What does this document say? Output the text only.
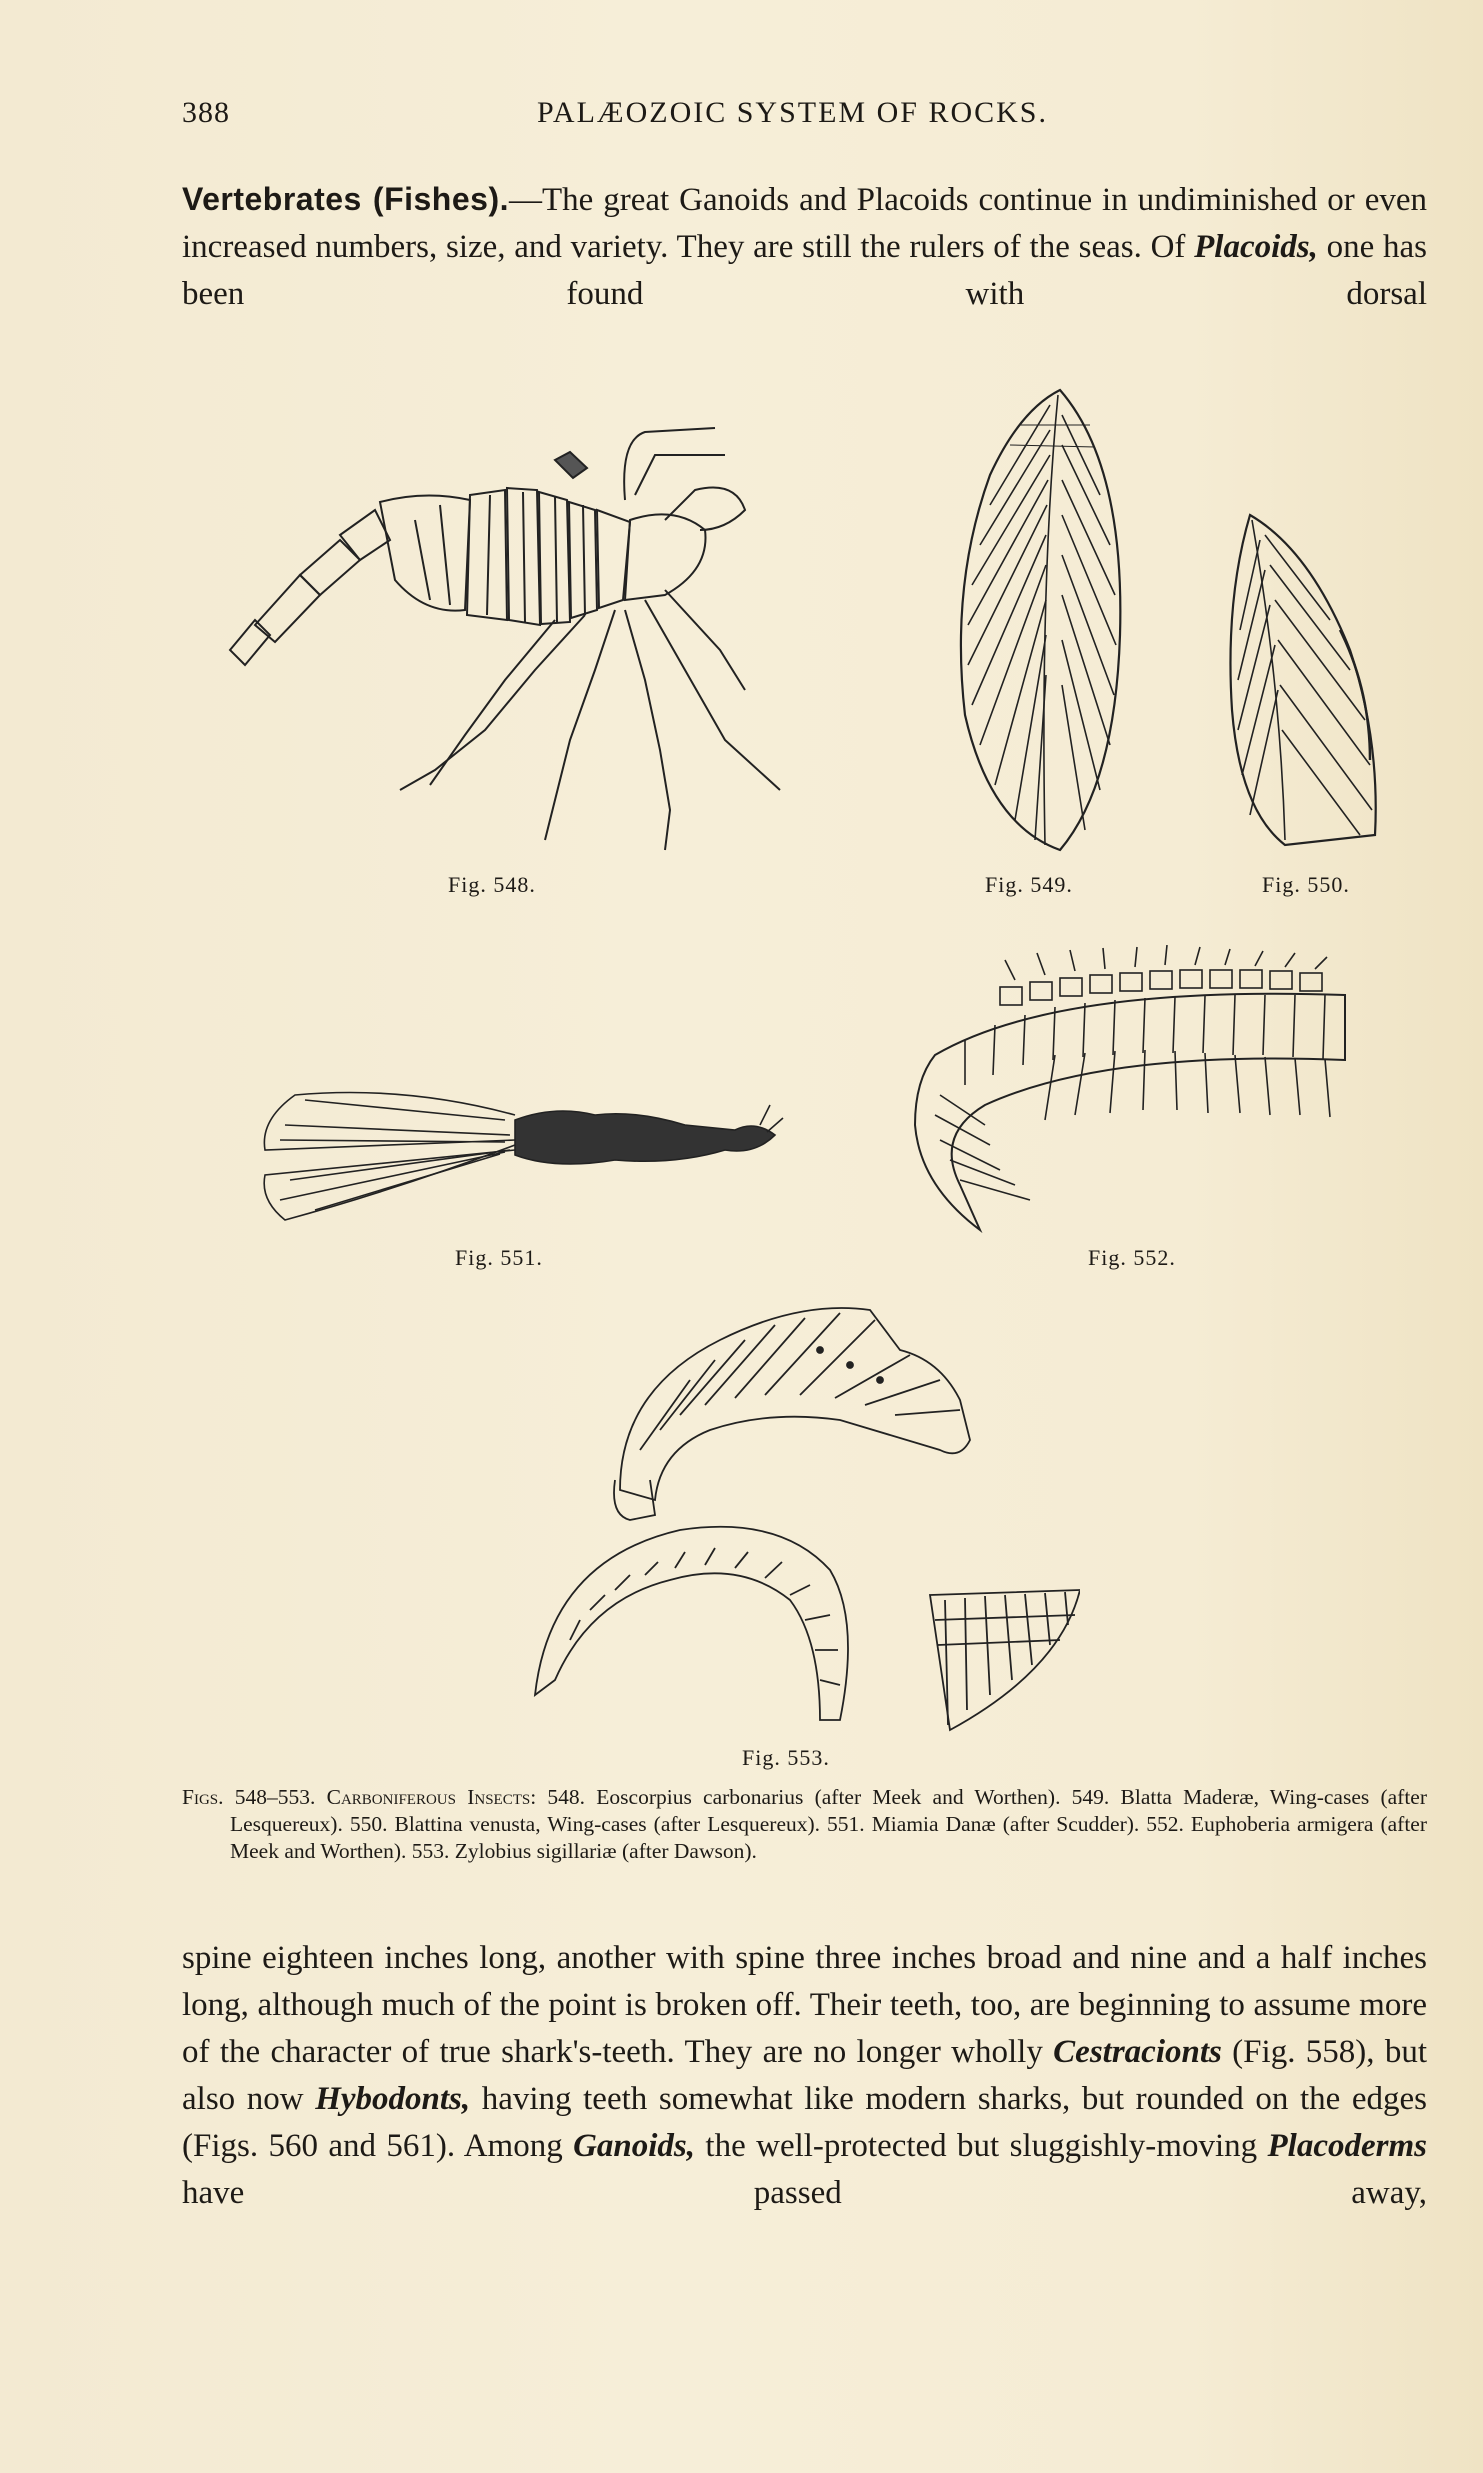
388	PALÆOZOIC SYSTEM OF ROCKS.
Vertebrates (Fishes).—The great Ganoids and Placoids continue in undiminished or even increased numbers, size, and variety. They are still the rulers of the seas. Of Placoids, one has been found with dorsal
Fig. 548.	Fig. 549.	Fig. 550.
Fig. 551.	Fig. 552.
Fig. 553.
Figs. 548–553. Carboniferous Insects: 548. Eoscorpius carbonarius (after Meek and Worthen). 549. Blatta Maderæ, Wing-cases (after Lesquereux). 550. Blattina venusta, Wing-cases (after Lesquereux). 551. Miamia Danæ (after Scudder). 552. Euphoberia armigera (after Meek and Worthen). 553. Zylobius sigillariæ (after Dawson).
spine eighteen inches long, another with spine three inches broad and nine and a half inches long, although much of the point is broken off. Their teeth, too, are beginning to assume more of the character of true shark's-teeth. They are no longer wholly Cestracionts (Fig. 558), but also now Hybodonts, having teeth somewhat like modern sharks, but rounded on the edges (Figs. 560 and 561). Among Ganoids, the well-protected but sluggishly-moving Placoderms have passed away,
